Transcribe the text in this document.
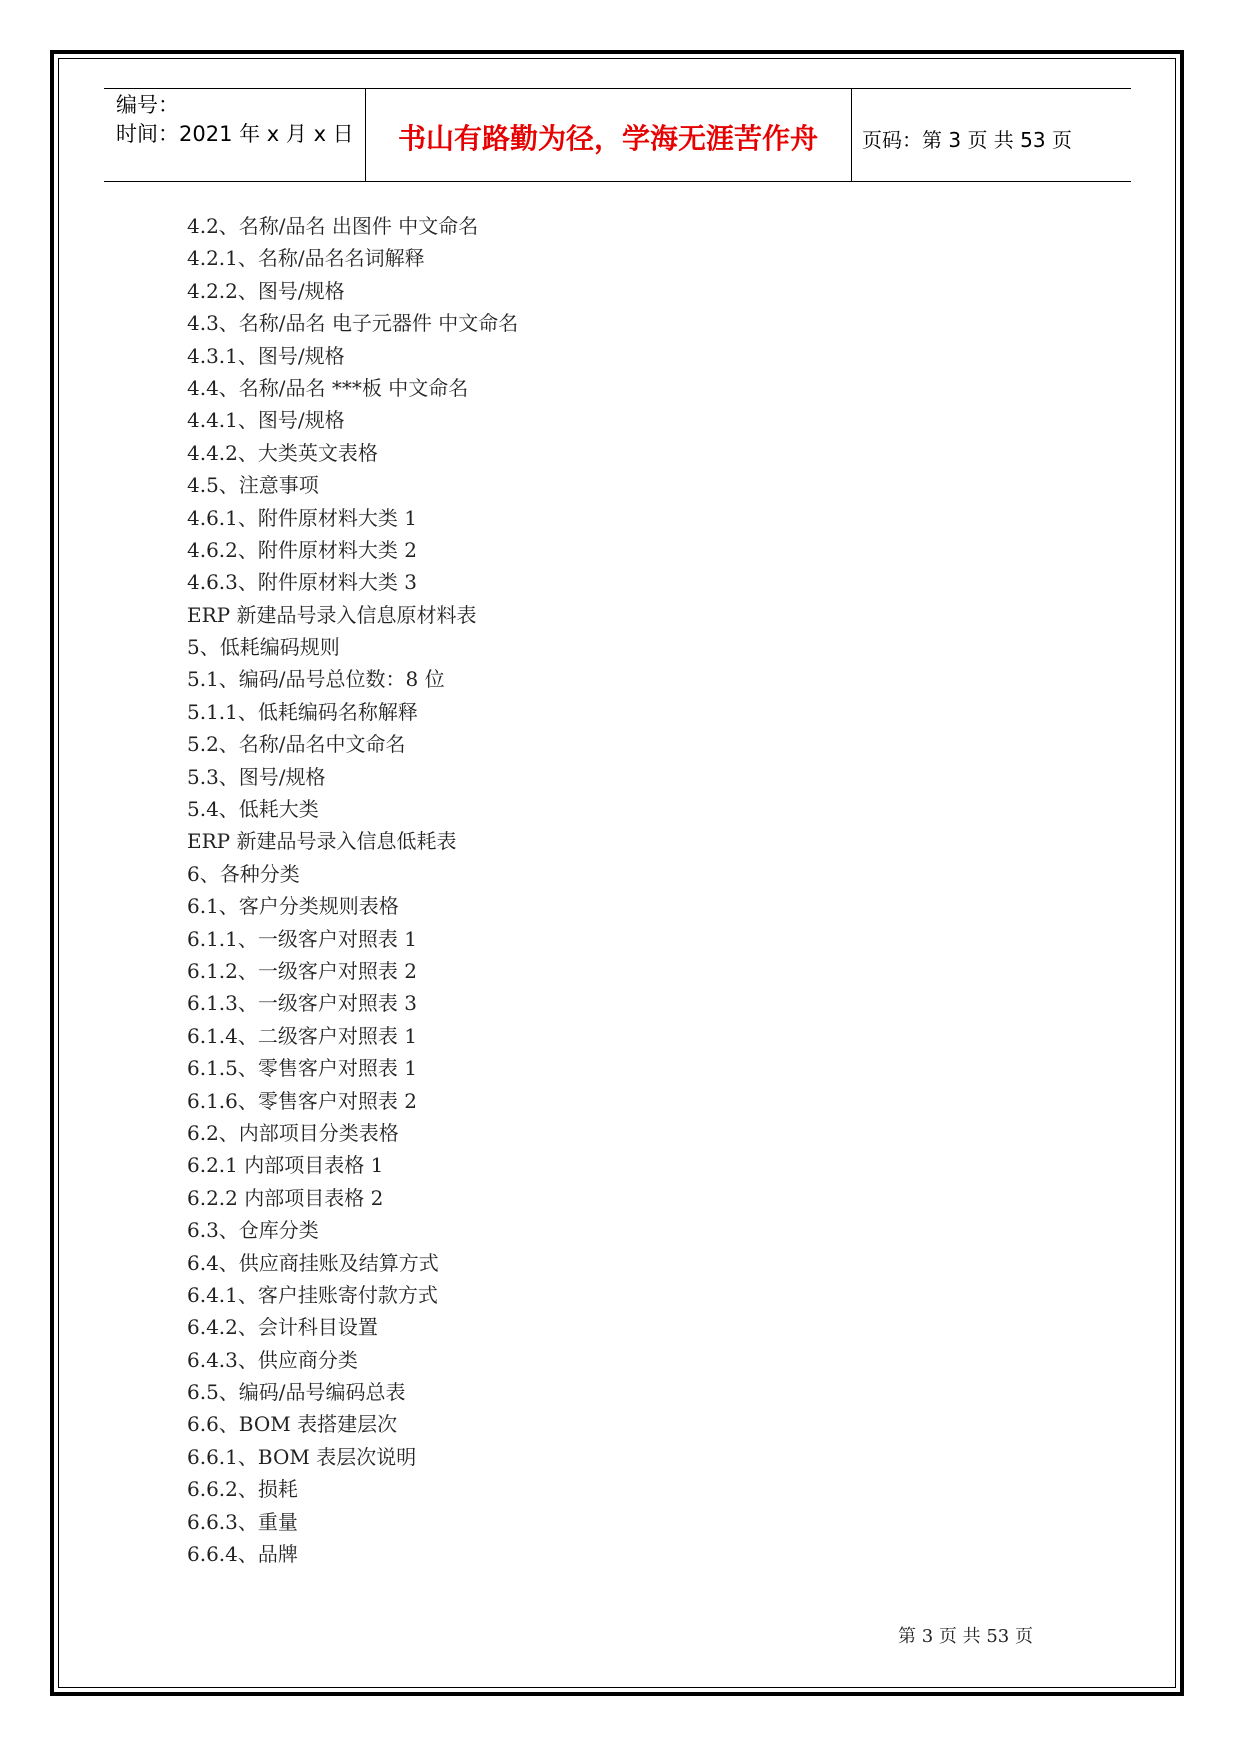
编号：
时间：2021 年 x 月 x 日	书山有路勤为径，学海无涯苦作舟	页码：第 3 页 共 53 页
4.2、名称/品名 出图件 中文命名
4.2.1、名称/品名名词解释
4.2.2、图号/规格
4.3、名称/品名 电子元器件 中文命名
4.3.1、图号/规格
4.4、名称/品名 ***板 中文命名
4.4.1、图号/规格
4.4.2、大类英文表格
4.5、注意事项
4.6.1、附件原材料大类 1
4.6.2、附件原材料大类 2
4.6.3、附件原材料大类 3
ERP 新建品号录入信息原材料表
5、低耗编码规则
5.1、编码/品号总位数：8 位
5.1.1、低耗编码名称解释
5.2、名称/品名中文命名
5.3、图号/规格
5.4、低耗大类
ERP 新建品号录入信息低耗表
6、各种分类
6.1、客户分类规则表格
6.1.1、一级客户对照表 1
6.1.2、一级客户对照表 2
6.1.3、一级客户对照表 3
6.1.4、二级客户对照表 1
6.1.5、零售客户对照表 1
6.1.6、零售客户对照表 2
6.2、内部项目分类表格
6.2.1 内部项目表格 1
6.2.2 内部项目表格 2
6.3、仓库分类
6.4、供应商挂账及结算方式
6.4.1、客户挂账寄付款方式
6.4.2、会计科目设置
6.4.3、供应商分类
6.5、编码/品号编码总表
6.6、BOM 表搭建层次
6.6.1、BOM 表层次说明
6.6.2、损耗
6.6.3、重量
6.6.4、品牌
第 3 页 共 53 页
